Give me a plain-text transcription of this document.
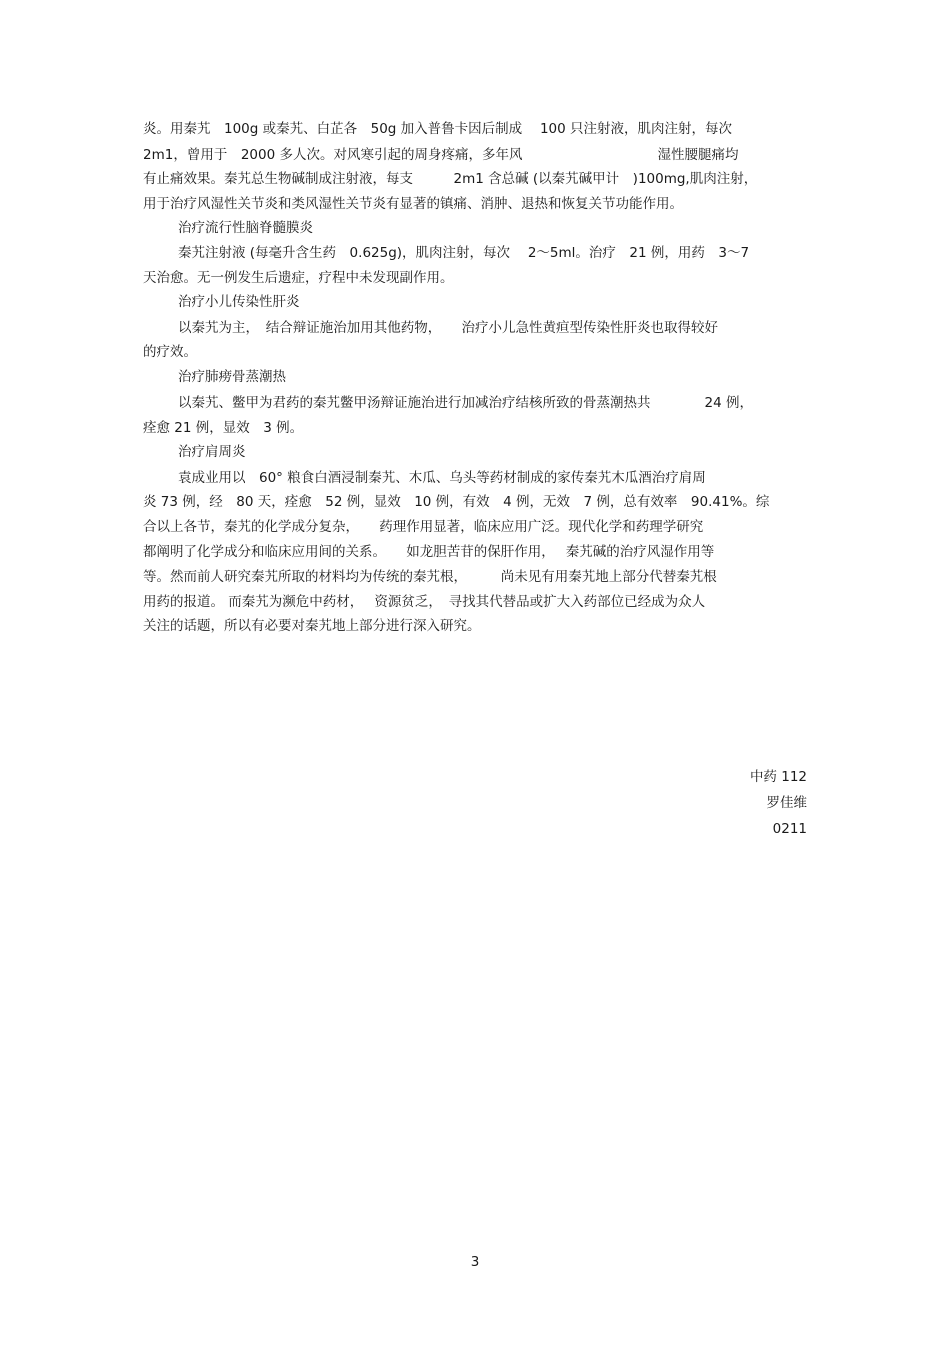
炎。用秦艽　100g 或秦艽、白芷各　50g 加入普鲁卡因后制成　 100 只注射液，肌肉注射，每次
2m1，曾用于　2000 多人次。对风寒引起的周身疼痛，多年风　　　　　　　　　　湿性腰腿痛均
有止痛效果。秦艽总生物碱制成注射液，每支　　　2m1 含总碱 (以秦艽碱甲计　)100mg,肌肉注射，
用于治疗风湿性关节炎和类风湿性关节炎有显著的镇痛、消肿、退热和恢复关节功能作用。
治疗流行性脑脊髓膜炎
秦艽注射液 (每毫升含生药　0.625g)，肌肉注射，每次　 2～5ml。治疗　21 例，用药　3～7
天治愈。无一例发生后遗症，疗程中未发现副作用。
治疗小儿传染性肝炎
以秦艽为主，　结合辩证施治加用其他药物，　　治疗小儿急性黄疸型传染性肝炎也取得较好
的疗效。
治疗肺痨骨蒸潮热
以秦艽、鳖甲为君药的秦艽鳖甲汤辩证施治进行加减治疗结核所致的骨蒸潮热共　　　　24 例，
痊愈 21 例，显效　3 例。
治疗肩周炎
袁成业用以　60° 粮食白酒浸制秦艽、木瓜、乌头等药材制成的家传秦艽木瓜酒治疗肩周
炎 73 例，经　80 天，痊愈　52 例，显效　10 例，有效　4 例，无效　7 例，总有效率　90.41%。综
合以上各节，秦艽的化学成分复杂，　　药理作用显著，临床应用广泛。现代化学和药理学研究
都阐明了化学成分和临床应用间的关系。　　如龙胆苦苷的保肝作用，　 秦艽碱的治疗风湿作用等
等。然而前人研究秦艽所取的材料均为传统的秦艽根，　　　尚未见有用秦艽地上部分代替秦艽根
用药的报道。 而秦艽为濒危中药材，　 资源贫乏，　寻找其代替品或扩大入药部位已经成为众人
关注的话题，所以有必要对秦艽地上部分进行深入研究。
中药 112
罗佳维
0211
3
